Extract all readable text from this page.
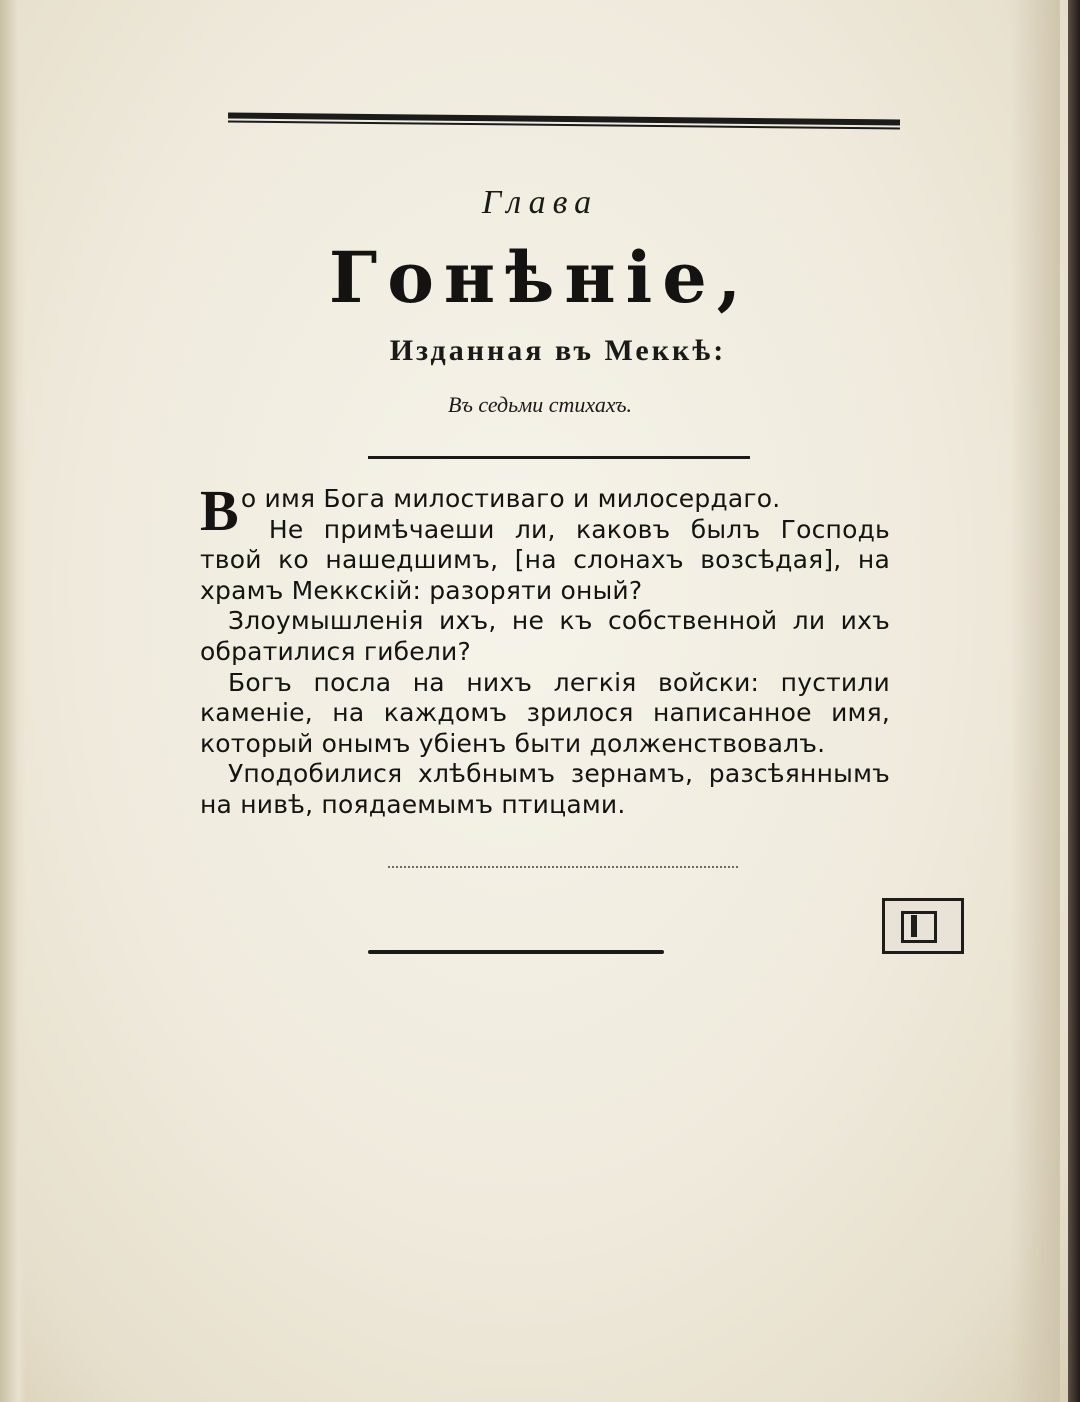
Глава
Гонѣніе,
Изданная въ Меккѣ:
Въ седьми стихахъ.

Во имя Бога милостиваго и милосердаго.

Не примѣчаеши ли, каковъ былъ Господь твой ко нашедшимъ, [на слонахъ возсѣдая], на храмъ Меккскій: разоряти оный?

Злоумышленія ихъ, не къ собственной ли ихъ обратилися гибели?

Богъ посла на нихъ легкія войски: пустили каменіе, на каждомъ зрилося написанное имя, который онымъ убіенъ быти долженствовалъ.

Уподобилися хлѣбнымъ зернамъ, разсѣяннымъ на нивѣ, поядаемымъ птицами.
